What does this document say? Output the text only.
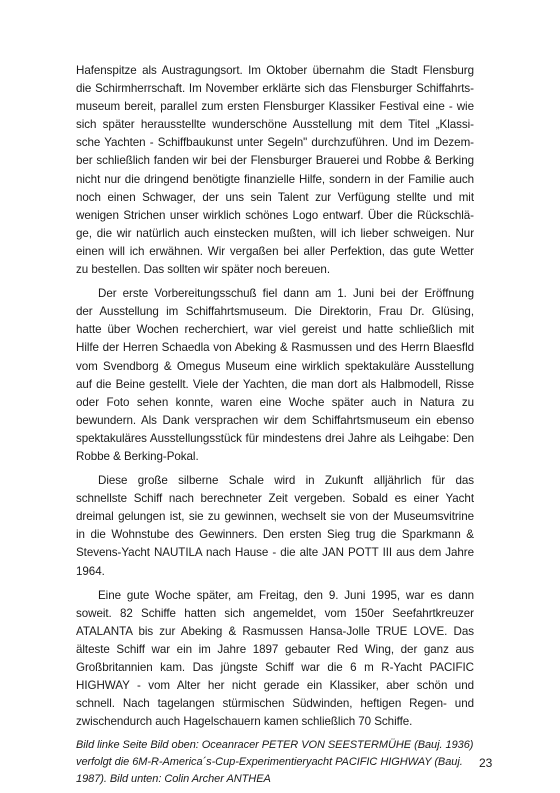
Hafenspitze als Austragungsort. Im Oktober übernahm die Stadt Flensburg
die Schirmherrschaft. Im November erklärte sich das Flensburger Schiffahrts-
museum bereit, parallel zum ersten Flensburger Klassiker Festival eine - wie
sich später herausstellte wunderschöne Ausstellung mit dem Titel „Klassi-
sche Yachten - Schiffbaukunst unter Segeln" durchzuführen. Und im Dezem-
ber schließlich fanden wir bei der Flensburger Brauerei und Robbe & Berking
nicht nur die dringend benötigte finanzielle Hilfe, sondern in der Familie auch
noch einen Schwager, der uns sein Talent zur Verfügung stellte und mit
wenigen Strichen unser wirklich schönes Logo entwarf. Über die Rückschlä-
ge, die wir natürlich auch einstecken mußten, will ich lieber schweigen. Nur
einen will ich erwähnen. Wir vergaßen bei aller Perfektion, das gute Wetter
zu bestellen. Das sollten wir später noch bereuen.
Der erste Vorbereitungsschuß fiel dann am 1. Juni bei der Eröffnung
der Ausstellung im Schiffahrtsmuseum. Die Direktorin, Frau Dr. Glüsing,
hatte über Wochen recherchiert, war viel gereist und hatte schließlich mit
Hilfe der Herren Schaedla von Abeking & Rasmussen und des Herrn Blaesfld
vom Svendborg & Omegus Museum eine wirklich spektakuläre Ausstellung
auf die Beine gestellt. Viele der Yachten, die man dort als Halbmodell, Risse
oder Foto sehen konnte, waren eine Woche später auch in Natura zu
bewundern. Als Dank versprachen wir dem Schiffahrtsmuseum ein ebenso
spektakuläres Ausstellungsstück für mindestens drei Jahre als Leihgabe: Den
Robbe & Berking-Pokal.
Diese große silberne Schale wird in Zukunft alljährlich für das
schnellste Schiff nach berechneter Zeit vergeben. Sobald es einer Yacht
dreimal gelungen ist, sie zu gewinnen, wechselt sie von der Museumsvitrine
in die Wohnstube des Gewinners. Den ersten Sieg trug die Sparkmann &
Stevens-Yacht NAUTILA nach Hause - die alte JAN POTT III aus dem Jahre
1964.
Eine gute Woche später, am Freitag, den 9. Juni 1995, war es dann
soweit. 82 Schiffe hatten sich angemeldet, vom 150er Seefahrtkreuzer
ATALANTA bis zur Abeking & Rasmussen Hansa-Jolle TRUE LOVE. Das
älteste Schiff war ein im Jahre 1897 gebauter Red Wing, der ganz aus
Großbritannien kam. Das jüngste Schiff war die 6 m R-Yacht PACIFIC
HIGHWAY - vom Alter her nicht gerade ein Klassiker, aber schön und
schnell. Nach tagelangen stürmischen Südwinden, heftigen Regen- und
zwischendurch auch Hagelschauern kamen schließlich 70 Schiffe.
Bild linke Seite Bild oben: Oceanracer PETER VON SEESTERMÜHE (Bauj. 1936)
verfolgt die 6M-R-America´s-Cup-Experimentieryacht PACIFIC HIGHWAY (Bauj.
1987). Bild unten: Colin Archer ANTHEA
23
